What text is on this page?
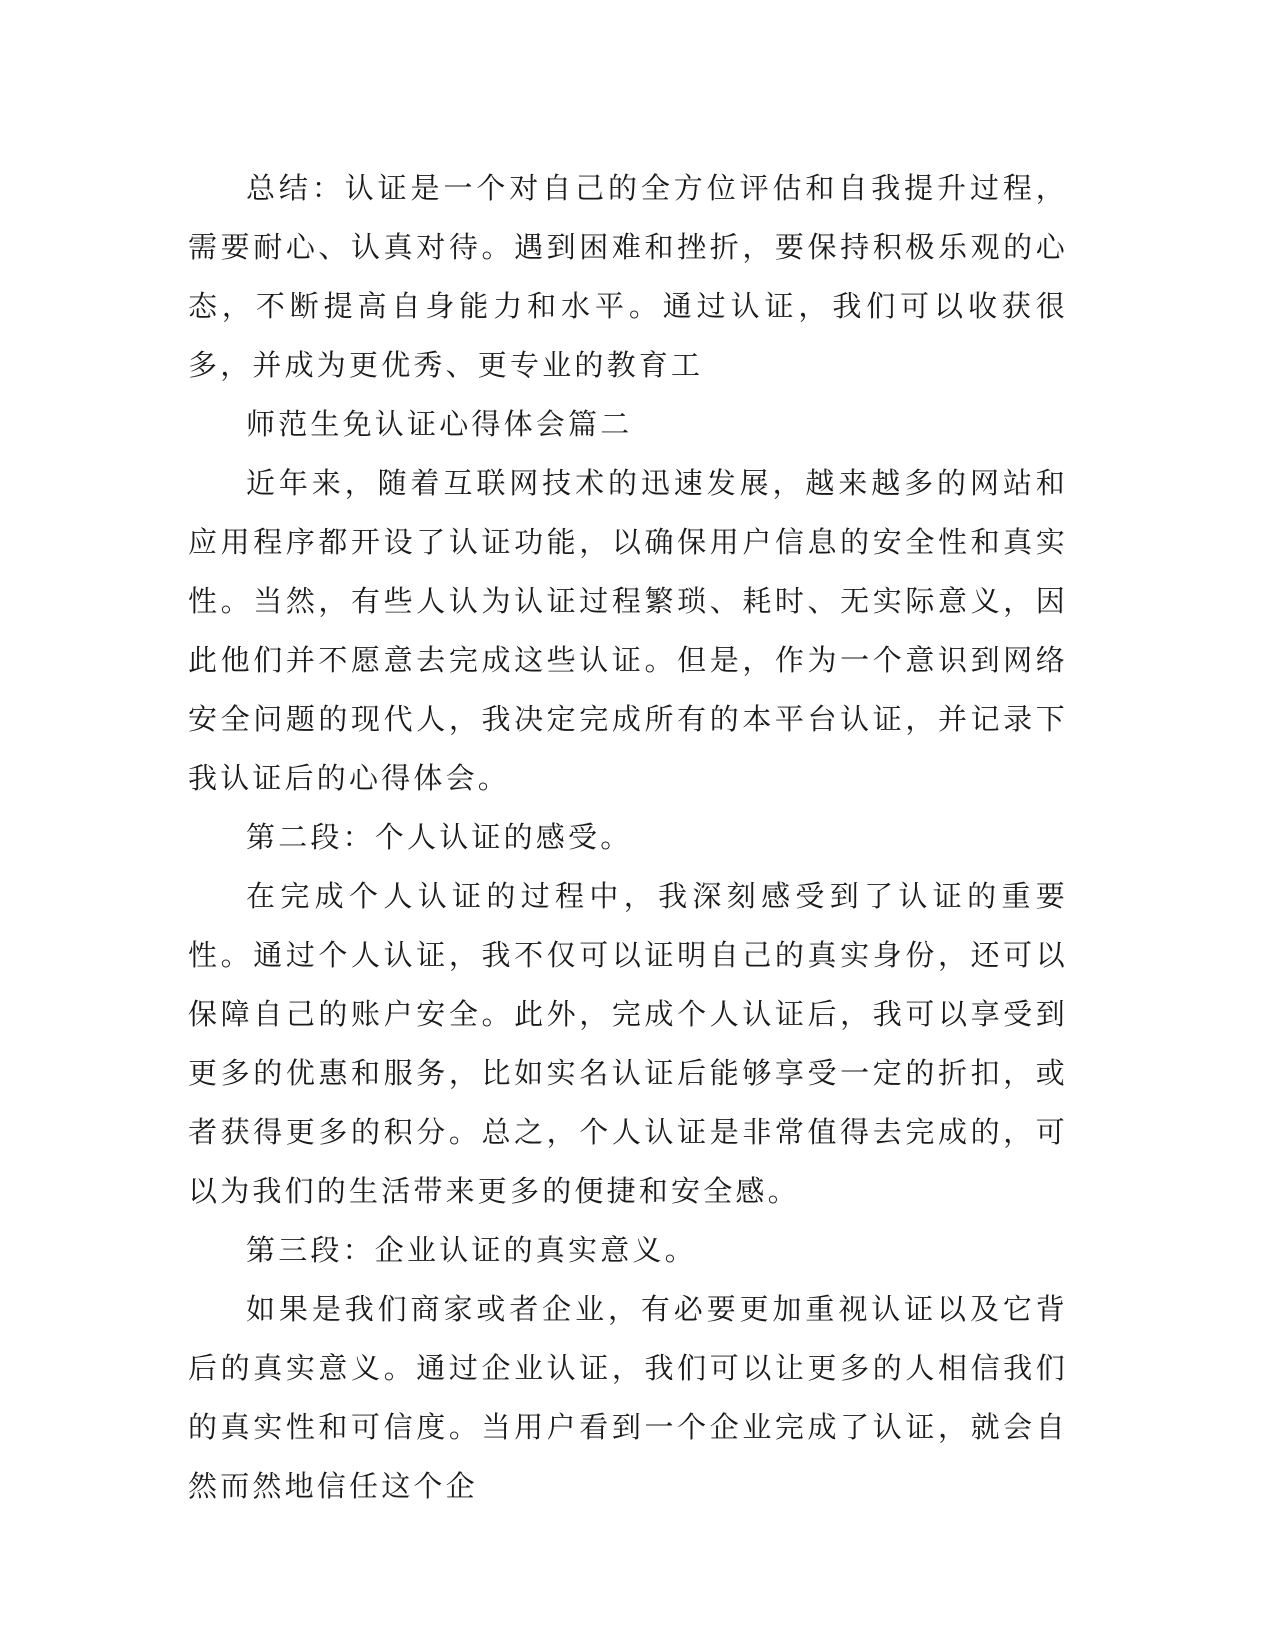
总结：认证是一个对自己的全方位评估和自我提升过程，需要耐心、认真对待。遇到困难和挫折，要保持积极乐观的心态，不断提高自身能力和水平。通过认证，我们可以收获很多，并成为更优秀、更专业的教育工

师范生免认证心得体会篇二

近年来，随着互联网技术的迅速发展，越来越多的网站和应用程序都开设了认证功能，以确保用户信息的安全性和真实性。当然，有些人认为认证过程繁琐、耗时、无实际意义，因此他们并不愿意去完成这些认证。但是，作为一个意识到网络安全问题的现代人，我决定完成所有的本平台认证，并记录下我认证后的心得体会。

第二段：个人认证的感受。

在完成个人认证的过程中，我深刻感受到了认证的重要性。通过个人认证，我不仅可以证明自己的真实身份，还可以保障自己的账户安全。此外，完成个人认证后，我可以享受到更多的优惠和服务，比如实名认证后能够享受一定的折扣，或者获得更多的积分。总之，个人认证是非常值得去完成的，可以为我们的生活带来更多的便捷和安全感。

第三段：企业认证的真实意义。

如果是我们商家或者企业，有必要更加重视认证以及它背后的真实意义。通过企业认证，我们可以让更多的人相信我们的真实性和可信度。当用户看到一个企业完成了认证，就会自然而然地信任这个企
